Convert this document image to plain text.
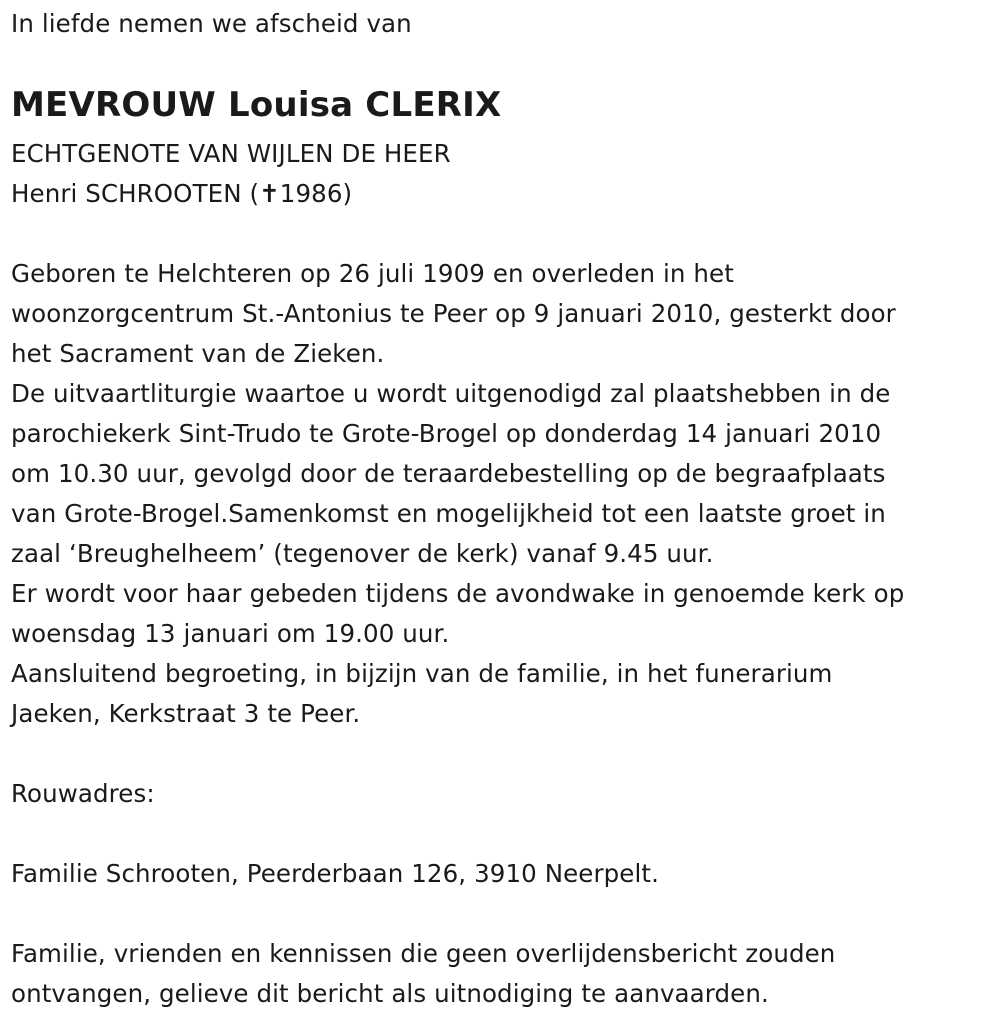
In liefde nemen we afscheid van
MEVROUW Louisa CLERIX
ECHTGENOTE VAN WIJLEN DE HEER
Henri SCHROOTEN (✝1986)
Geboren te Helchteren op 26 juli 1909 en overleden in het
woonzorgcentrum St.-Antonius te Peer op 9 januari 2010, gesterkt door
het Sacrament van de Zieken.
De uitvaartliturgie waartoe u wordt uitgenodigd zal plaatshebben in de
parochiekerk Sint-Trudo te Grote-Brogel op donderdag 14 januari 2010
om 10.30 uur, gevolgd door de teraardebestelling op de begraafplaats
van Grote-Brogel.Samenkomst en mogelijkheid tot een laatste groet in
zaal ‘Breughelheem’ (tegenover de kerk) vanaf 9.45 uur.
Er wordt voor haar gebeden tijdens de avondwake in genoemde kerk op
woensdag 13 januari om 19.00 uur.
Aansluitend begroeting, in bijzijn van de familie, in het funerarium
Jaeken, Kerkstraat 3 te Peer.
Rouwadres:
Familie Schrooten, Peerderbaan 126, 3910 Neerpelt.
Familie, vrienden en kennissen die geen overlijdensbericht zouden
ontvangen, gelieve dit bericht als uitnodiging te aanvaarden.
